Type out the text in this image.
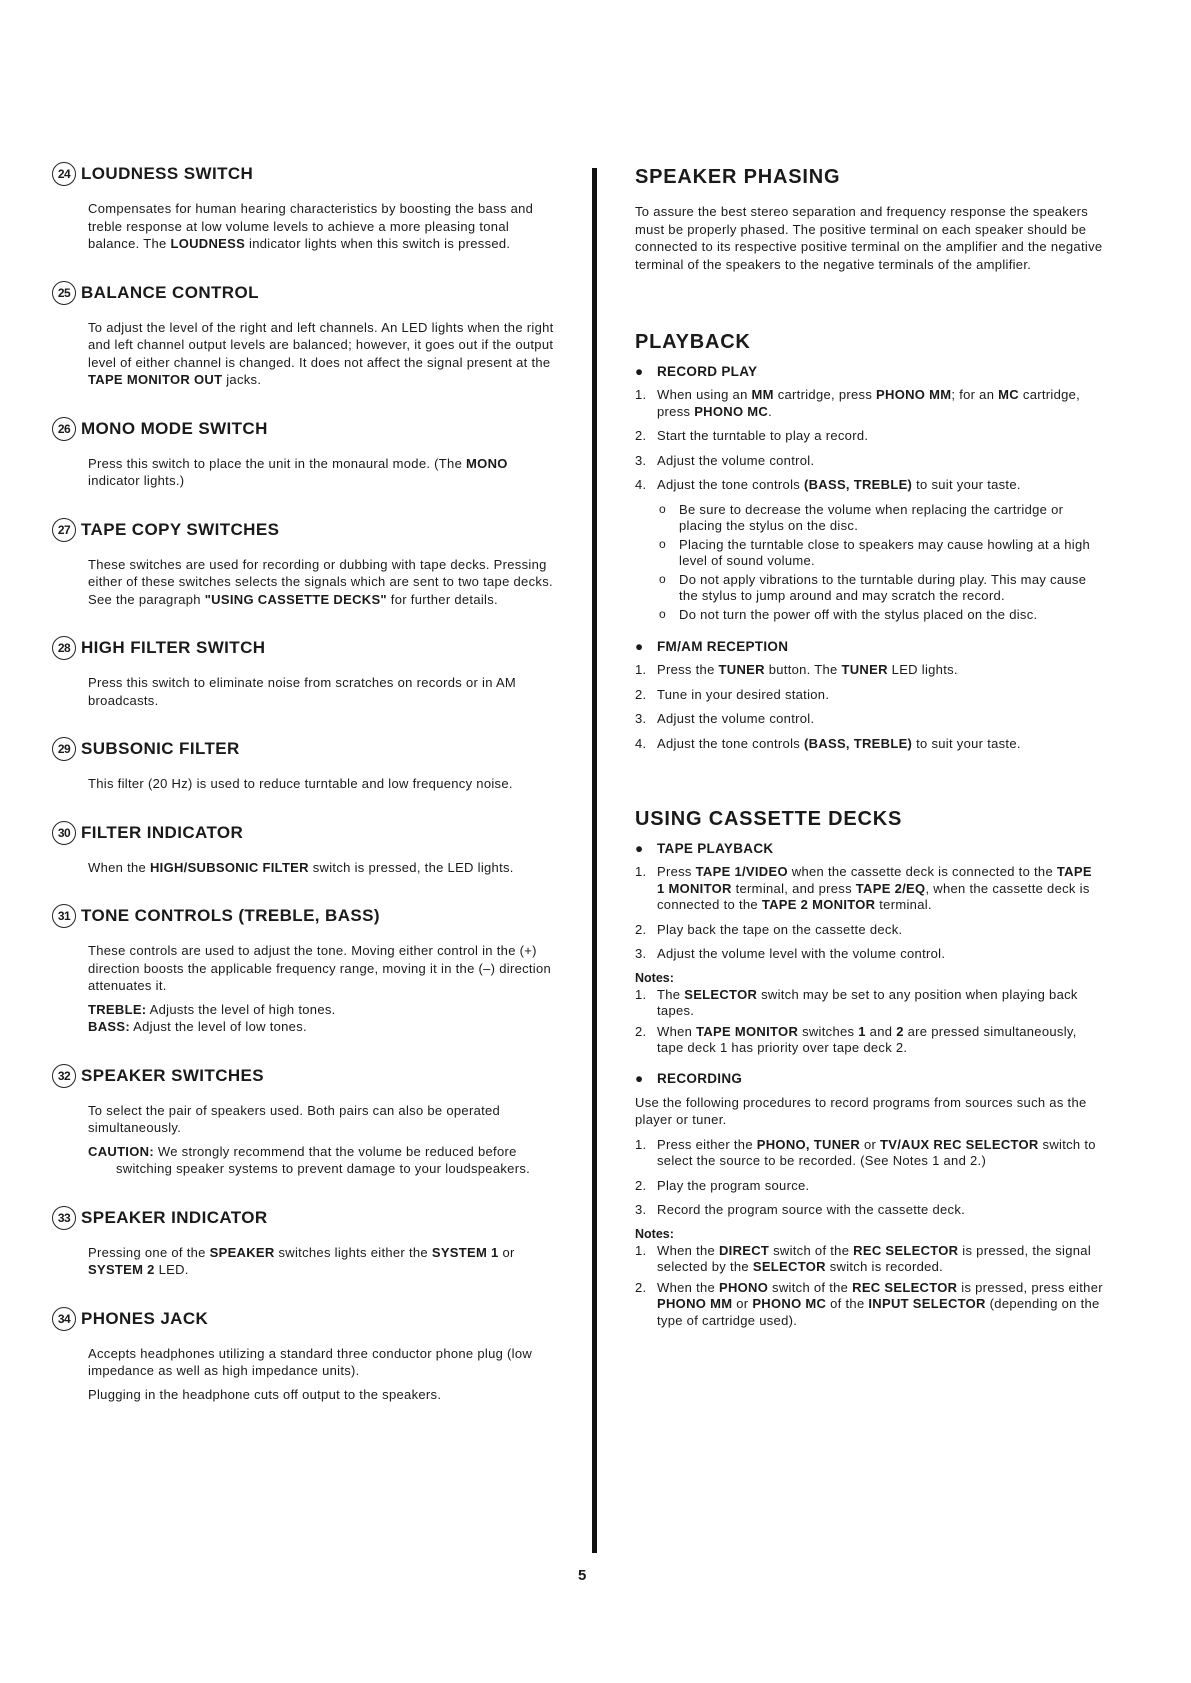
24 LOUDNESS SWITCH

Compensates for human hearing characteristics by boosting the bass and treble response at low volume levels to achieve a more pleasing tonal balance. The LOUDNESS indicator lights when this switch is pressed.

25 BALANCE CONTROL

To adjust the level of the right and left channels. An LED lights when the right and left channel output levels are balanced; however, it goes out if the output level of either channel is changed. It does not affect the signal present at the TAPE MONITOR OUT jacks.

26 MONO MODE SWITCH

Press this switch to place the unit in the monaural mode. (The MONO indicator lights.)

27 TAPE COPY SWITCHES

These switches are used for recording or dubbing with tape decks. Pressing either of these switches selects the signals which are sent to two tape decks. See the paragraph "USING CASSETTE DECKS" for further details.

28 HIGH FILTER SWITCH

Press this switch to eliminate noise from scratches on records or in AM broadcasts.

29 SUBSONIC FILTER

This filter (20 Hz) is used to reduce turntable and low frequency noise.

30 FILTER INDICATOR

When the HIGH/SUBSONIC FILTER switch is pressed, the LED lights.

31 TONE CONTROLS (TREBLE, BASS)

These controls are used to adjust the tone. Moving either control in the (+) direction boosts the applicable frequency range, moving it in the (–) direction attenuates it.

TREBLE: Adjusts the level of high tones.

BASS: Adjust the level of low tones.

32 SPEAKER SWITCHES

To select the pair of speakers used. Both pairs can also be operated simultaneously.

CAUTION: We strongly recommend that the volume be reduced before switching speaker systems to prevent damage to your loudspeakers.

33 SPEAKER INDICATOR

Pressing one of the SPEAKER switches lights either the SYSTEM 1 or SYSTEM 2 LED.

34 PHONES JACK

Accepts headphones utilizing a standard three conductor phone plug (low impedance as well as high impedance units).

Plugging in the headphone cuts off output to the speakers.

SPEAKER PHASING
To assure the best stereo separation and frequency response the speakers must be properly phased. The positive terminal on each speaker should be connected to its respective positive terminal on the amplifier and the negative terminal of the speakers to the negative terminals of the amplifier.
PLAYBACK
● RECORD PLAY
1. When using an MM cartridge, press PHONO MM; for an MC cartridge, press PHONO MC.
2. Start the turntable to play a record.
3. Adjust the volume control.
4. Adjust the tone controls (BASS, TREBLE) to suit your taste.
o Be sure to decrease the volume when replacing the cartridge or placing the stylus on the disc.
o Placing the turntable close to speakers may cause howling at a high level of sound volume.
o Do not apply vibrations to the turntable during play. This may cause the stylus to jump around and may scratch the record.
o Do not turn the power off with the stylus placed on the disc.
● FM/AM RECEPTION
1. Press the TUNER button. The TUNER LED lights.
2. Tune in your desired station.
3. Adjust the volume control.
4. Adjust the tone controls (BASS, TREBLE) to suit your taste.
USING CASSETTE DECKS
● TAPE PLAYBACK
1. Press TAPE 1/VIDEO when the cassette deck is connected to the TAPE 1 MONITOR terminal, and press TAPE 2/EQ, when the cassette deck is connected to the TAPE 2 MONITOR terminal.
2. Play back the tape on the cassette deck.
3. Adjust the volume level with the volume control.
Notes:
1. The SELECTOR switch may be set to any position when playing back tapes.
2. When TAPE MONITOR switches 1 and 2 are pressed simultaneously, tape deck 1 has priority over tape deck 2.
● RECORDING
Use the following procedures to record programs from sources such as the player or tuner.
1. Press either the PHONO, TUNER or TV/AUX REC SELECTOR switch to select the source to be recorded. (See Notes 1 and 2.)
2. Play the program source.
3. Record the program source with the cassette deck.
Notes:
1. When the DIRECT switch of the REC SELECTOR is pressed, the signal selected by the SELECTOR switch is recorded.
2. When the PHONO switch of the REC SELECTOR is pressed, press either PHONO MM or PHONO MC of the INPUT SELECTOR (depending on the type of cartridge used).
5
